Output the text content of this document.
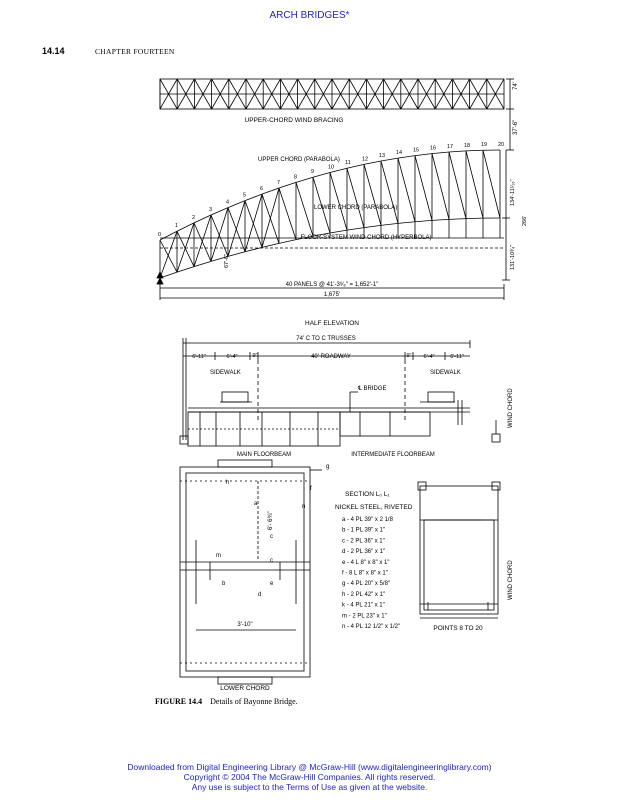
ARCH BRIDGES*
14.14	CHAPTER FOURTEEN
0
1
2
3
4
5
6
7
8
9
10
11
12
13 14 15 16 17 18 19 20
UPPER-CHORD WIND BRACING
UPPER CHORD (PARABOLA)
LOWER CHORD (PARABOLA)
FLOOR-SYSTEM WIND CHORD (HYPERBOLA)
74'
37'-6"
134'-11¹⁄₁₆"
266'
131'-10³⁄₄"
67'-6"
40 PANELS @ 41'-3⁶⁄₈" = 1,652'-1"
1,675'
HALF ELEVATION
74' C TO C TRUSSES
6'-11"	6'-4"	9"	40' ROADWAY	9" 6'-4"	6'-11"
SIDEWALK	SIDEWALK
℄ BRIDGE	WIND CHORD
MAIN FLOORBEAM	INTERMEDIATE FLOORBEAM
SECTION L₀ L₁
NICKEL STEEL, RIVETED
a - 4 PL 39" x 2 1/8
b - 1 PL 39" x 1"
c - 2 PL 36" x 1"
d - 2 PL 36" x 1"
e - 4 L 8" x 8" x 1"
f - 8 L 8" x 8" x 1"
g - 4 PL 20" x 5/8"
h - 2 PL 42" x 1"
k - 4 PL 21" x 1"
m - 2 PL 23" x 1"
n - 4 PL 12 1/2" x 1/2"
6'- 6¾"
3'-10"
LOWER CHORD
h
a	n
c
c
e
d
m
b
g
f
POINTS 8 TO 20
WIND CHORD
FIGURE 14.4 Details of Bayonne Bridge.
Downloaded from Digital Engineering Library @ McGraw-Hill (www.digitalengineeringlibrary.com)
Copyright © 2004 The McGraw-Hill Companies. All rights reserved.
Any use is subject to the Terms of Use as given at the website.
